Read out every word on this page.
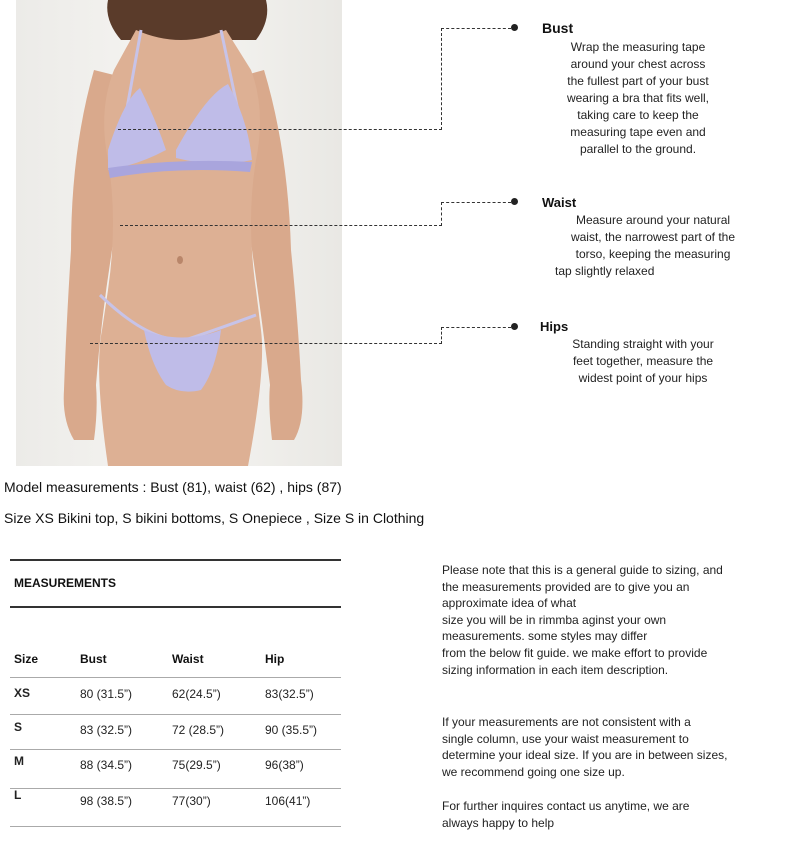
Bust
Wrap the measuring tape
around your chest across
the fullest part of your bust
wearing a bra that fits well,
taking care to keep the
measuring tape even and
parallel to the ground.
Waist
Measure around your natural
waist, the narrowest part of the
torso, keeping the measuring
tap slightly relaxed
Hips
Standing straight with your
feet together, measure the
widest point of your hips
Model measurements : Bust (81), waist (62) , hips (87)
Size XS Bikini top, S bikini bottoms, S Onepiece , Size S in Clothing
MEASUREMENTS
Size	Bust	Waist	Hip
XS	80 (31.5”)	62(24.5”)	83(32.5”)
S	83 (32.5”)	72 (28.5”)	90 (35.5”)
M	88 (34.5”)	75(29.5”)	96(38”)
L	98 (38.5”)	77(30”)	106(41”)
Please note that this is a general guide to sizing, and
the measurements provided are to give you an
approximate idea of what
size you will be in rimmba aginst your own
measurements. some styles may differ
from the below fit guide. we make effort to provide
sizing information in each item description.
If your measurements are not consistent with a
single column, use your waist measurement to
determine your ideal size. If you are in between sizes,
we recommend going one size up.
For further inquires contact us anytime, we are
always happy to help
